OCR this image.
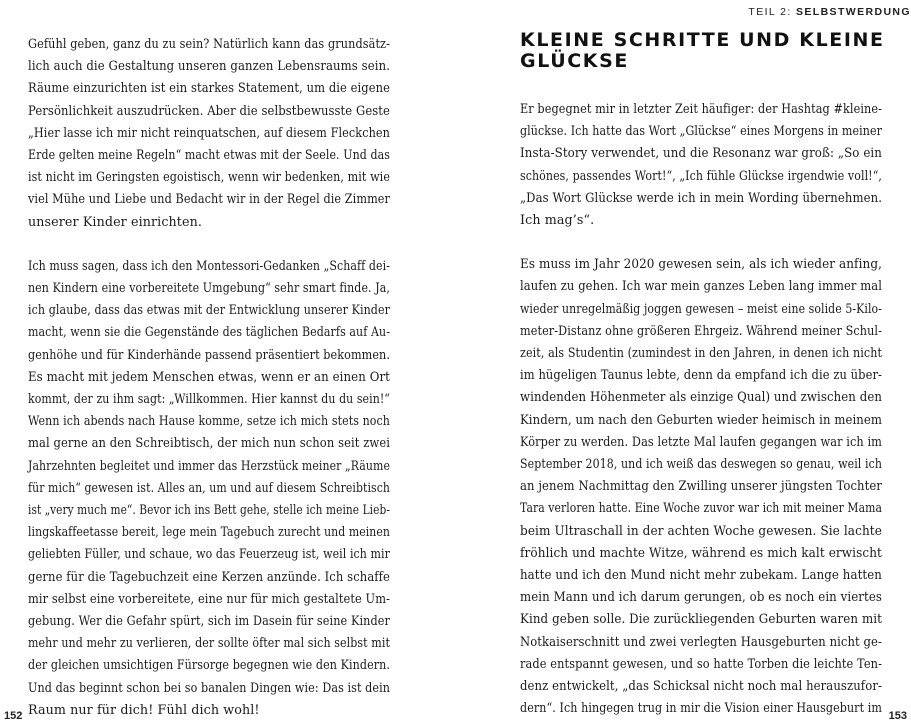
Gefühl geben, ganz du zu sein? Natürlich kann das grundsätz-
lich auch die Gestaltung unseren ganzen Lebensraums sein.
Räume einzurichten ist ein starkes Statement, um die eigene
Persönlichkeit auszudrücken. Aber die selbstbewusste Geste
„Hier lasse ich mir nicht reinquatschen, auf diesem Fleckchen
Erde gelten meine Regeln“ macht etwas mit der Seele. Und das
ist nicht im Geringsten egoistisch, wenn wir bedenken, mit wie
viel Mühe und Liebe und Bedacht wir in der Regel die Zimmer
unserer Kinder einrichten.

Ich muss sagen, dass ich den Montessori-Gedanken „Schaff dei-
nen Kindern eine vorbereitete Umgebung“ sehr smart finde. Ja,
ich glaube, dass das etwas mit der Entwicklung unserer Kinder
macht, wenn sie die Gegenstände des täglichen Bedarfs auf Au-
genhöhe und für Kinderhände passend präsentiert bekommen.
Es macht mit jedem Menschen etwas, wenn er an einen Ort
kommt, der zu ihm sagt: „Willkommen. Hier kannst du du sein!“
Wenn ich abends nach Hause komme, setze ich mich stets noch
mal gerne an den Schreibtisch, der mich nun schon seit zwei
Jahrzehnten begleitet und immer das Herzstück meiner „Räume
für mich“ gewesen ist. Alles an, um und auf diesem Schreibtisch
ist „very much me“. Bevor ich ins Bett gehe, stelle ich meine Lieb-
lingskaffeetasse bereit, lege mein Tagebuch zurecht und meinen
geliebten Füller, und schaue, wo das Feuerzeug ist, weil ich mir
gerne für die Tagebuchzeit eine Kerzen anzünde. Ich schaffe
mir selbst eine vorbereitete, eine nur für mich gestaltete Um-
gebung. Wer die Gefahr spürt, sich im Dasein für seine Kinder
mehr und mehr zu verlieren, der sollte öfter mal sich selbst mit
der gleichen umsichtigen Fürsorge begegnen wie den Kindern.
Und das beginnt schon bei so banalen Dingen wie: Das ist dein
Raum nur für dich! Fühl dich wohl!

152
TEIL 2: SELBSTWERDUNG
KLEINE SCHRITTE UND KLEINE
GLÜCKSE

Er begegnet mir in letzter Zeit häufiger: der Hashtag #kleine-
glückse. Ich hatte das Wort „Glückse“ eines Morgens in meiner
Insta-Story verwendet, und die Resonanz war groß: „So ein
schönes, passendes Wort!“, „Ich fühle Glückse irgendwie voll!“,
„Das Wort Glückse werde ich in mein Wording übernehmen.
Ich mag’s“.

Es muss im Jahr 2020 gewesen sein, als ich wieder anfing,
laufen zu gehen. Ich war mein ganzes Leben lang immer mal
wieder unregelmäßig joggen gewesen – meist eine solide 5-Kilo-
meter-Distanz ohne größeren Ehrgeiz. Während meiner Schul-
zeit, als Studentin (zumindest in den Jahren, in denen ich nicht
im hügeligen Taunus lebte, denn da empfand ich die zu über-
windenden Höhenmeter als einzige Qual) und zwischen den
Kindern, um nach den Geburten wieder heimisch in meinem
Körper zu werden. Das letzte Mal laufen gegangen war ich im
September 2018, und ich weiß das deswegen so genau, weil ich
an jenem Nachmittag den Zwilling unserer jüngsten Tochter
Tara verloren hatte. Eine Woche zuvor war ich mit meiner Mama
beim Ultraschall in der achten Woche gewesen. Sie lachte
fröhlich und machte Witze, während es mich kalt erwischt
hatte und ich den Mund nicht mehr zubekam. Lange hatten
mein Mann und ich darum gerungen, ob es noch ein viertes
Kind geben solle. Die zurückliegenden Geburten waren mit
Notkaiserschnitt und zwei verlegten Hausgeburten nicht ge-
rade entspannt gewesen, und so hatte Torben die leichte Ten-
denz entwickelt, „das Schicksal nicht noch mal herauszufor-
dern“. Ich hingegen trug in mir die Vision einer Hausgeburt im

153
